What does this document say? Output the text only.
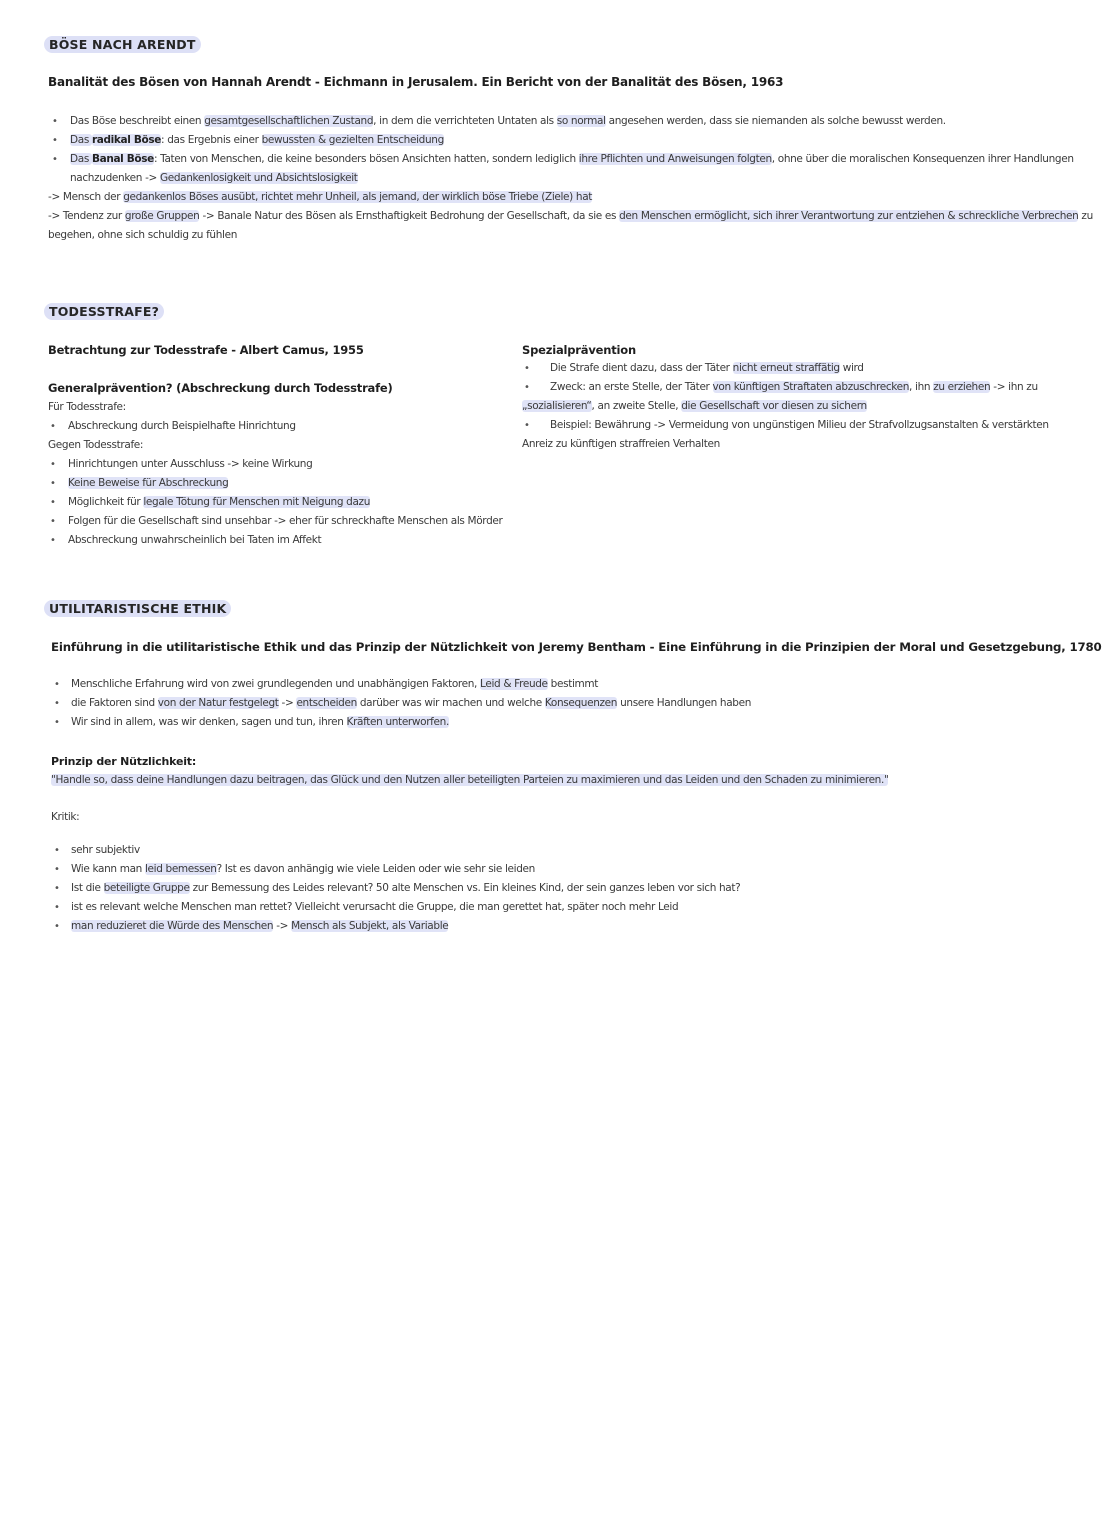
BÖSE NACH ARENDT
Banalität des Bösen von Hannah Arendt - Eichmann in Jerusalem. Ein Bericht von der Banalität des Bösen, 1963
• Das Böse beschreibt einen gesamtgesellschaftlichen Zustand, in dem die verrichteten Untaten als so normal angesehen werden, dass sie niemanden als solche bewusst werden.
• Das radikal Böse: das Ergebnis einer bewussten & gezielten Entscheidung
• Das Banal Böse: Taten von Menschen, die keine besonders bösen Ansichten hatten, sondern lediglich ihre Pflichten und Anweisungen folgten, ohne über die moralischen Konsequenzen ihrer Handlungen
nachzudenken -> Gedankenlosigkeit und Absichtslosigkeit
-> Mensch der gedankenlos Böses ausübt, richtet mehr Unheil, als jemand, der wirklich böse Triebe (Ziele) hat
-> Tendenz zur große Gruppen -> Banale Natur des Bösen als Ernsthaftigkeit Bedrohung der Gesellschaft, da sie es den Menschen ermöglicht, sich ihrer Verantwortung zur entziehen & schreckliche Verbrechen zu
begehen, ohne sich schuldig zu fühlen
TODESSTRAFE?
Betrachtung zur Todesstrafe - Albert Camus, 1955
Generalprävention? (Abschreckung durch Todesstrafe)
Für Todesstrafe:
• Abschreckung durch Beispielhafte Hinrichtung
Gegen Todesstrafe:
• Hinrichtungen unter Ausschluss -> keine Wirkung
• Keine Beweise für Abschreckung
• Möglichkeit für legale Tötung für Menschen mit Neigung dazu
• Folgen für die Gesellschaft sind unsehbar -> eher für schreckhafte Menschen als Mörder
• Abschreckung unwahrscheinlich bei Taten im Affekt
Spezialprävention
• Die Strafe dient dazu, dass der Täter nicht erneut straffätig wird
• Zweck: an erste Stelle, der Täter von künftigen Straftaten abzuschrecken, ihn zu erziehen -> ihn zu
„sozialisieren“, an zweite Stelle, die Gesellschaft vor diesen zu sichern
• Beispiel: Bewährung -> Vermeidung von ungünstigen Milieu der Strafvollzugsanstalten & verstärkten
Anreiz zu künftigen straffreien Verhalten
UTILITARISTISCHE ETHIK
Einführung in die utilitaristische Ethik und das Prinzip der Nützlichkeit von Jeremy Bentham - Eine Einführung in die Prinzipien der Moral und Gesetzgebung, 1780
• Menschliche Erfahrung wird von zwei grundlegenden und unabhängigen Faktoren, Leid & Freude bestimmt
• die Faktoren sind von der Natur festgelegt -> entscheiden darüber was wir machen und welche Konsequenzen unsere Handlungen haben
• Wir sind in allem, was wir denken, sagen und tun, ihren Kräften unterworfen.
Prinzip der Nützlichkeit:
"Handle so, dass deine Handlungen dazu beitragen, das Glück und den Nutzen aller beteiligten Parteien zu maximieren und das Leiden und den Schaden zu minimieren."
Kritik:
• sehr subjektiv
• Wie kann man leid bemessen? Ist es davon anhängig wie viele Leiden oder wie sehr sie leiden
• Ist die beteiligte Gruppe zur Bemessung des Leides relevant? 50 alte Menschen vs. Ein kleines Kind, der sein ganzes leben vor sich hat?
• ist es relevant welche Menschen man rettet? Vielleicht verursacht die Gruppe, die man gerettet hat, später noch mehr Leid
• man reduzieret die Würde des Menschen -> Mensch als Subjekt, als Variable
